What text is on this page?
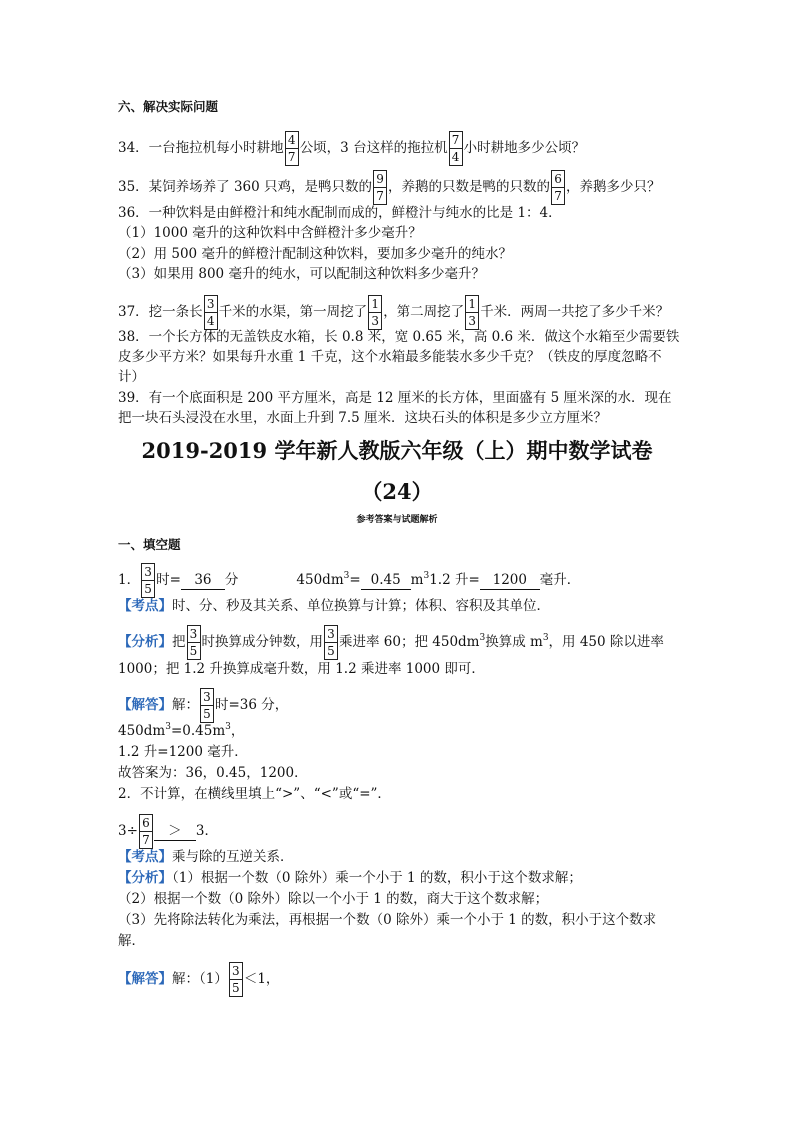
六、解决实际问题
34．一台拖拉机每小时耕地 $\frac{4}{7}$ 公顷，3 台这样的拖拉机 $\frac{7}{4}$ 小时耕地多少公顷？
35．某饲养场养了 360 只鸡，是鸭只数的 $\frac{9}{7}$ ，养鹅的只数是鸭的只数的 $\frac{6}{7}$ ，养鹅多少只？
36．一种饮料是由鲜橙汁和纯水配制而成的，鲜橙汁与纯水的比是 1：4．
（1）1000 毫升的这种饮料中含鲜橙汁多少毫升？
（2）用 500 毫升的鲜橙汁配制这种饮料，要加多少毫升的纯水？
（3）如果用 800 毫升的纯水，可以配制这种饮料多少毫升？
37．挖一条长 $\frac{3}{4}$ 千米的水渠，第一周挖了 $\frac{1}{3}$ ，第二周挖了 $\frac{1}{3}$ 千米．两周一共挖了多少千米？
38．一个长方体的无盖铁皮水箱，长 0.8 米，宽 0.65 米，高 0.6 米．做这个水箱至少需要铁
皮多少平方米？如果每升水重 1 千克，这个水箱最多能装水多少千克？（铁皮的厚度忽略不
计）
39．有一个底面积是 200 平方厘米，高是 12 厘米的长方体，里面盛有 5 厘米深的水．现在
把一块石头浸没在水里，水面上升到 7.5 厘米．这块石头的体积是多少立方厘米？
2019-2019 学年新人教版六年级（上）期中数学试卷
（24）
参考答案与试题解析
一、填空题
1． $\frac{3}{5}$ 时= 36 分	$450dm^3= 0.45$ $m^31.2$ 升= 1200 毫升．
【考点】时、分、秒及其关系、单位换算与计算；体积、容积及其单位．
【分析】把 $\frac{3}{5}$ 时换算成分钟数，用 $\frac{3}{5}$ 乘进率 60；把 $450dm^3$换算成 $m^3$，用 450 除以进率
1000；把 1.2 升换算成毫升数，用 1.2 乘进率 1000 即可．
【解答】解： $\frac{3}{5}$ 时=36 分，
$450dm^3=0.45m^3$，
1.2 升=1200 毫升．
故答案为：36，0.45，1200．
2．不计算，在横线里填上“>”、“<”或“=”．
$3\div \frac{6}{7} > 3$．
【考点】乘与除的互逆关系．
【分析】（1）根据一个数（0 除外）乘一个小于 1 的数，积小于这个数求解；
（2）根据一个数（0 除外）除以一个小于 1 的数，商大于这个数求解；
（3）先将除法转化为乘法，再根据一个数（0 除外）乘一个小于 1 的数，积小于这个数求
解．
【解答】解：$(1) \frac{3}{5} <1$，
